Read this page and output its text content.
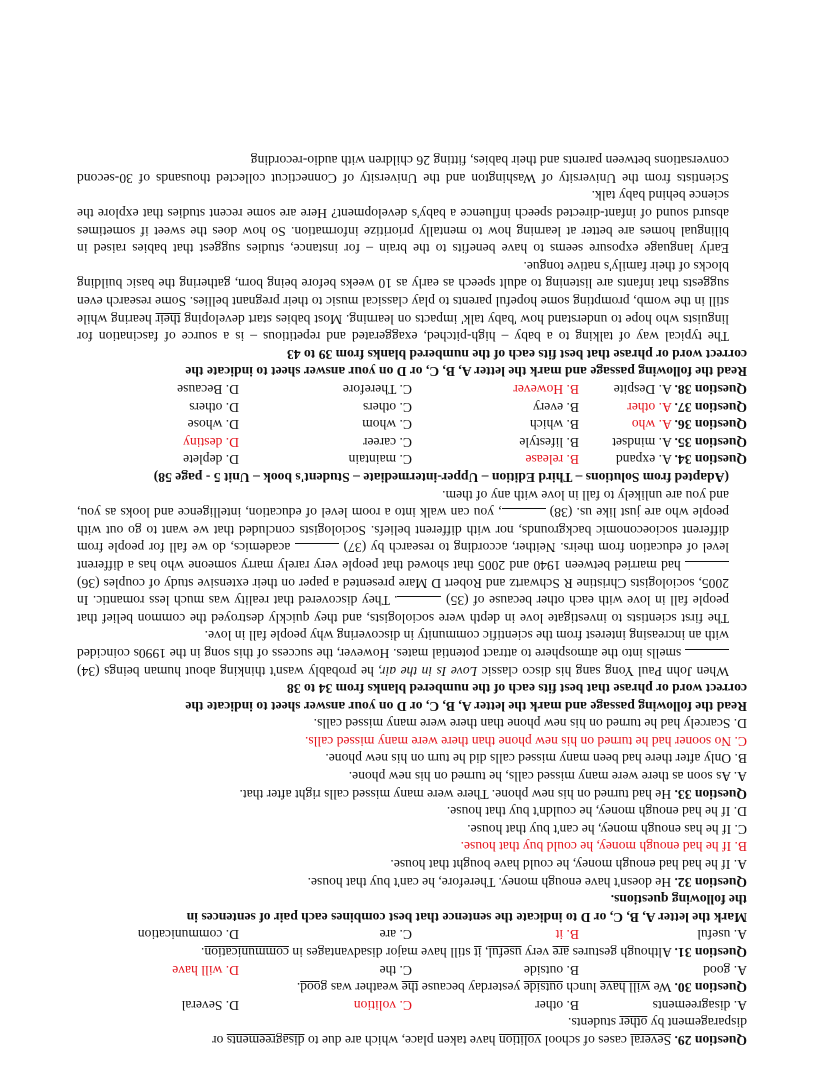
Question 29. Several cases of school volition have taken place, which are due to disagreements or
disparagement by other students.
A. disagreements
B. other
C. volition
D. Several
Question 30. We will have lunch outside yesterday because the weather was good.
A. good
B. outside
C. the
D. will have
Question 31. Although gestures are very useful, it still have major disadvantages in communication.
A. useful
B. it
C. are
D. communication
Mark the letter A, B, C, or D to indicate the sentence that best combines each pair of sentences in
the following questions.
Question 32. He doesn't have enough money. Therefore, he can't buy that house.
A. If he had had enough money, he could have bought that house.
B. If he had enough money, he could buy that house.
C. If he has enough money, he can't buy that house.
D. If he had enough money, he couldn't buy that house.
Question 33. He had turned on his new phone. There were many missed calls right after that.
A. As soon as there were many missed calls, he turned on his new phone.
B. Only after there had been many missed calls did he turn on his new phone.
C. No sooner had he turned on his new phone than there were many missed calls.
D. Scarcely had he turned on his new phone than there were many missed calls.
Read the following passage and mark the letter A, B, C, or D on your answer sheet to indicate the
correct word or phrase that best fits each of the numbered blanks from 34 to 38
When John Paul Yong sang his disco classic Love Is in the air, he probably wasn't thinking about human beings (34)  smells into the atmosphere to attract potential mates. However, the success of this song in the 1990s coincided with an increasing interest from the scientific community in discovering why people fall in love.
The first scientists to investigate love in depth were sociologists, and they quickly destroyed the common belief that people fall in love with each other because of (35) . They discovered that reality was much less romantic. In 2005, sociologists Christine R Schwartz and Robert D Mare presented a paper on their extensive study of couples (36)  had married between 1940 and 2005 that showed that people very rarely marry someone who has a different level of education from theirs. Neither, according to research by (37)  academics, do we fall for people from different socioeconomic backgrounds, nor with different beliefs. Sociologists concluded that we want to go out with people who are just like us. (38) , you can walk into a room level of education, intelligence and looks as you, and you are unlikely to fall in love with any of them.
(Adapted from Solutions – Third Edition – Upper-intermediate – Student's book – Unit 5 - page 58)
Question 34. A. expand
B. release
C. maintain
D. deplete
Question 35. A. mindset
B. lifestyle
C. career
D. destiny
Question 36. A. who
B. which
C. whom
D. whose
Question 37. A. other
B. every
C. others
D. others
Question 38. A. Despite
B. However
C. Therefore
D. Because
Read the following passage and mark the letter A, B, C, or D on your answer sheet to indicate the
correct word or phrase that best fits each of the numbered blanks from 39 to 43
The typical way of talking to a baby – high-pitched, exaggerated and repetitious – is a source of fascination for linguists who hope to understand how 'baby talk' impacts on learning. Most babies start developing their hearing while still in the womb, prompting some hopeful parents to play classical music to their pregnant bellies. Some research even suggests that infants are listening to adult speech as early as 10 weeks before being born, gathering the basic building blocks of their family's native tongue.
Early language exposure seems to have benefits to the brain – for instance, studies suggest that babies raised in bilingual homes are better at learning how to mentally prioritize information. So how does the sweet if sometimes absurd sound of infant-directed speech influence a baby's development? Here are some recent studies that explore the science behind baby talk.
Scientists from the University of Washington and the University of Connecticut collected thousands of 30-second conversations between parents and their babies, fitting 26 children with audio-recording
